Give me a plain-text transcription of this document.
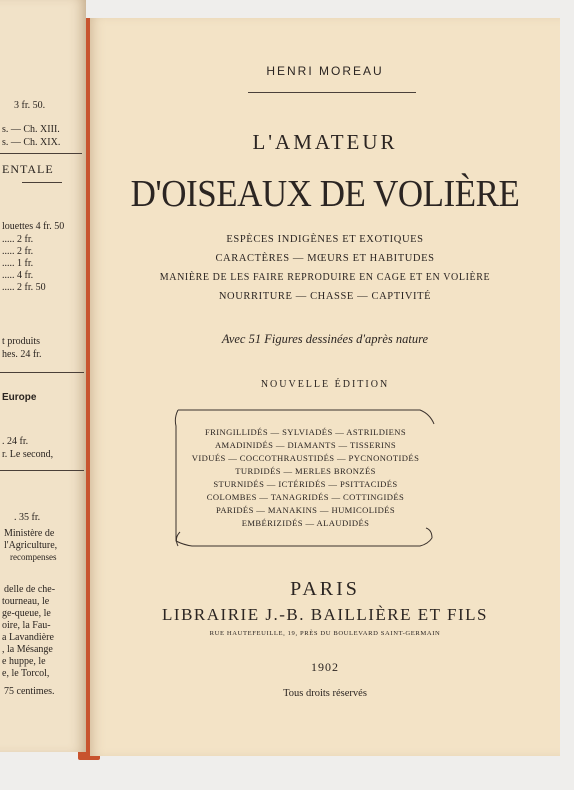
3 fr. 50.
s. — Ch. XIII.
s. — Ch. XIX.
ENTALE
louettes 4 fr. 50
..... 2 fr.
..... 2 fr.
..... 1 fr.
..... 4 fr.
..... 2 fr. 50
t produits
hes. 24 fr.
Europe
. 24 fr.
r. Le second,
. 35 fr.
Ministère de
l'Agriculture,
recompenses
delle de che-
tourneau, le
ge-queue, le
oire, la Fau-
a Lavandière
, la Mésange
e huppe, le
e, le Torcol,
75 centimes.
HENRI MOREAU
L'AMATEUR
D'OISEAUX DE VOLIÈRE
ESPÈCES INDIGÈNES ET EXOTIQUES
CARACTÈRES — MŒURS ET HABITUDES
MANIÈRE DE LES FAIRE REPRODUIRE EN CAGE ET EN VOLIÈRE
NOURRITURE — CHASSE — CAPTIVITÉ
Avec 51 Figures dessinées d'après nature
NOUVELLE ÉDITION
FRINGILLIDÉS — SYLVIADÉS — ASTRILDIENS
AMADINIDÉS — DIAMANTS — TISSERINS
VIDUÉS — COCCOTHRAUSTIDÉS — PYCNONOTIDÉS
TURDIDÉS — MERLES BRONZÉS
STURNIDÉS — ICTÉRIDÉS — PSITTACIDÉS
COLOMBES — TANAGRIDÉS — COTTINGIDÉS
PARIDÉS — MANAKINS — HUMICOLIDÉS
EMBÉRIZIDÉS — ALAUDIDÉS
PARIS
LIBRAIRIE J.-B. BAILLIÈRE ET FILS
RUE HAUTEFEUILLE, 19, PRÈS DU BOULEVARD SAINT-GERMAIN
1902
Tous droits réservés
